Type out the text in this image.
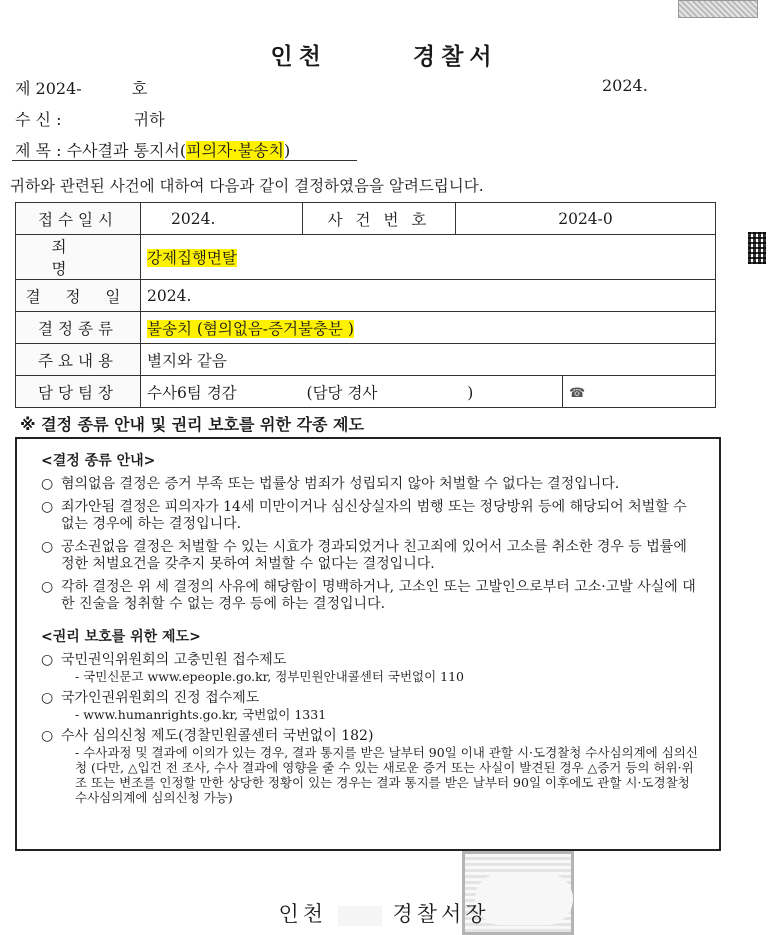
인천	경찰서
제 2024-	호	2024.
수 신 :	귀하
제 목 : 수사결과 통지서(피의자·불송치)
귀하와 관련된 사건에 대하여 다음과 같이 결정하였음을 알려드립니다.
접수일시	2024.	사 건 번 호	2024-0	
죄 명	강제집행면탈			
결 정 일	2024.			
결정종류	불송치 (혐의없음-증거불충분 )			
주요내용	별지와 같음			
담당팀장	수사6팀 경감 (담당 경사 )			☎
※ 결정 종류 안내 및 권리 보호를 위한 각종 제도
<결정 종류 안내>
○ 혐의없음 결정은 증거 부족 또는 법률상 범죄가 성립되지 않아 처벌할 수 없다는 결정입니다.
○ 죄가안됨 결정은 피의자가 14세 미만이거나 심신상실자의 범행 또는 정당방위 등에 해당되어 처벌할 수 없는 경우에 하는 결정입니다.
○ 공소권없음 결정은 처벌할 수 있는 시효가 경과되었거나 친고죄에 있어서 고소를 취소한 경우 등 법률에 정한 처벌요건을 갖추지 못하여 처벌할 수 없다는 결정입니다.
○ 각하 결정은 위 세 결정의 사유에 해당함이 명백하거나, 고소인 또는 고발인으로부터 고소·고발 사실에 대한 진술을 청취할 수 없는 경우 등에 하는 결정입니다.
<권리 보호를 위한 제도>
○ 국민권익위원회의 고충민원 접수제도
- 국민신문고 www.epeople.go.kr, 정부민원안내콜센터 국번없이 110
○ 국가인권위원회의 진정 접수제도
- www.humanrights.go.kr, 국번없이 1331
○ 수사 심의신청 제도(경찰민원콜센터 국번없이 182)
- 수사과정 및 결과에 이의가 있는 경우, 결과 통지를 받은 날부터 90일 이내 관할 시·도경찰청 수사심의계에 심의신청 (다만, △입건 전 조사, 수사 결과에 영향을 줄 수 있는 새로운 증거 또는 사실이 발견된 경우 △증거 등의 허위·위조 또는 변조를 인정할 만한 상당한 정황이 있는 경우는 결과 통지를 받은 날부터 90일 이후에도 관할 시·도경찰청 수사심의계에 심의신청 가능)
인천	경찰서장
